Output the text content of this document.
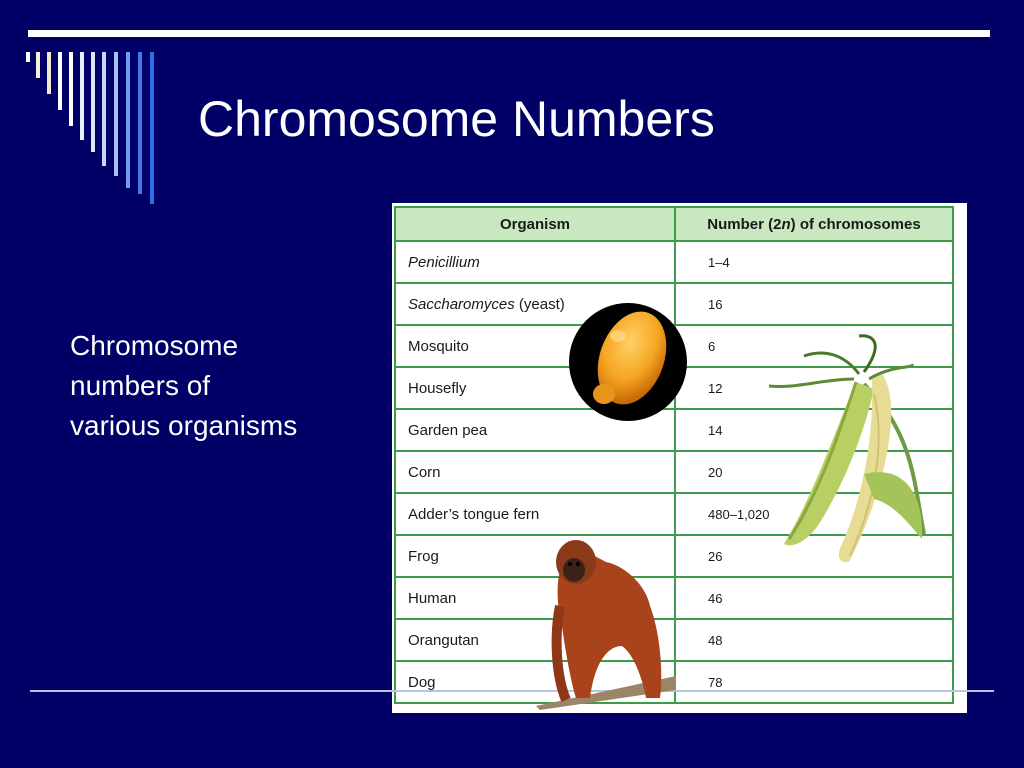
Chromosome Numbers
Chromosome
numbers of
various organisms
Organism	Number (2n) of chromosomes
Penicillium	1–4
Saccharomyces (yeast)	16
Mosquito	6
Housefly	12
Garden pea	14
Corn	20
Adder’s tongue fern	480–1,020
Frog	26
Human	46
Orangutan	48
Dog	78
